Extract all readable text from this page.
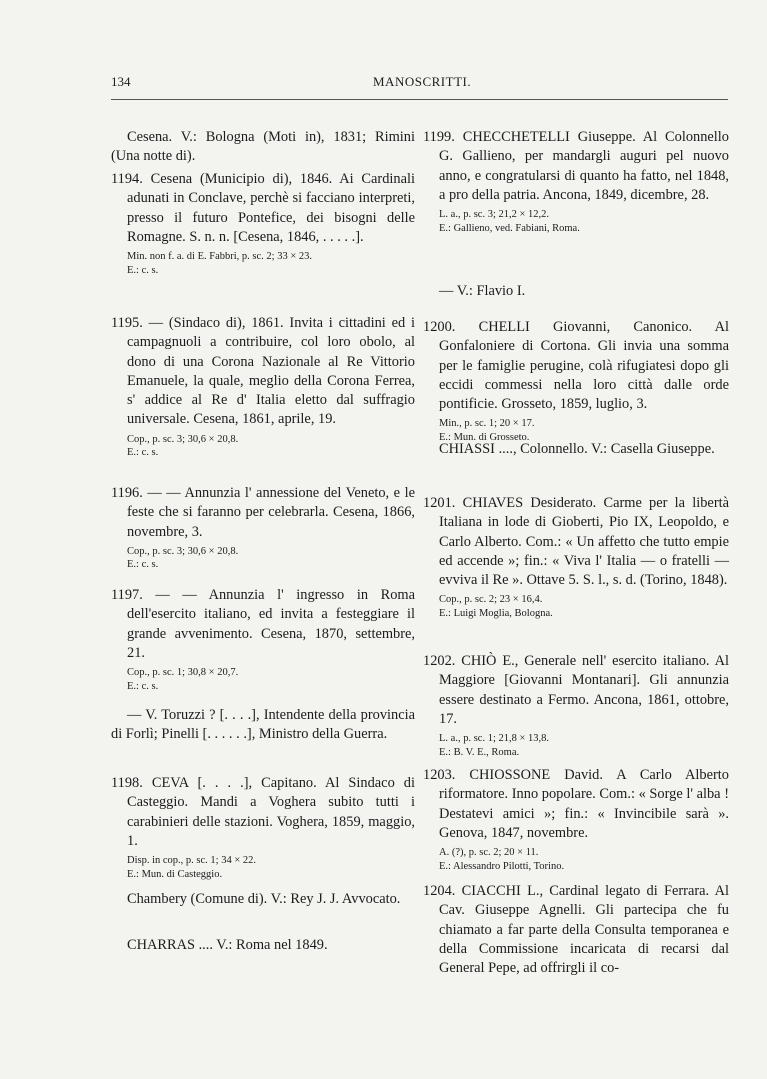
134	MANOSCRITTI.
Cesena. V.: Bologna (Moti in), 1831; Rimini (Una notte di).
1194. Cesena (Municipio di), 1846. Ai Cardinali adunati in Conclave, perchè si facciano interpreti, presso il futuro Pontefice, dei bisogni delle Romagne. S. n. n. [Cesena, 1846, . . . . .].
Min. non f. a. di E. Fabbri, p. sc. 2; 33 × 23.
E.: c. s.
1195. — (Sindaco di), 1861. Invita i cittadini ed i campagnuoli a contribuire, col loro obolo, al dono di una Corona Nazionale al Re Vittorio Emanuele, la quale, meglio della Corona Ferrea, s' addice al Re d' Italia eletto dal suffragio universale. Cesena, 1861, aprile, 19.
Cop., p. sc. 3; 30,6 × 20,8.
E.: c. s.
1196. — — Annunzia l' annessione del Veneto, e le feste che si faranno per celebrarla. Cesena, 1866, novembre, 3.
Cop., p. sc. 3; 30,6 × 20,8.
E.: c. s.
1197. — — Annunzia l' ingresso in Roma dell'esercito italiano, ed invita a festeggiare il grande avvenimento. Cesena, 1870, settembre, 21.
Cop., p. sc. 1; 30,8 × 20,7.
E.: c. s.
— V. Toruzzi ? [. . . .], Intendente della provincia di Forlì; Pinelli [. . . . . .], Ministro della Guerra.
1198. CEVA [. . . .], Capitano. Al Sindaco di Casteggio. Mandi a Voghera subito tutti i carabinieri delle stazioni. Voghera, 1859, maggio, 1.
Disp. in cop., p. sc. 1; 34 × 22.
E.: Mun. di Casteggio.
Chambery (Comune di). V.: Rey J. J. Avvocato.
CHARRAS .... V.: Roma nel 1849.
1199. CHECCHETELLI Giuseppe. Al Colonnello G. Gallieno, per mandargli auguri pel nuovo anno, e congratularsi di quanto ha fatto, nel 1848, a pro della patria. Ancona, 1849, dicembre, 28.
L. a., p. sc. 3; 21,2 × 12,2.
E.: Gallieno, ved. Fabiani, Roma.
— V.: Flavio I.
1200. CHELLI Giovanni, Canonico. Al Gonfaloniere di Cortona. Gli invia una somma per le famiglie perugine, colà rifugiatesi dopo gli eccidi commessi nella loro città dalle orde pontificie. Grosseto, 1859, luglio, 3.
Min., p. sc. 1; 20 × 17.
E.: Mun. di Grosseto.
CHIASSI ...., Colonnello. V.: Casella Giuseppe.
1201. CHIAVES Desiderato. Carme per la libertà Italiana in lode di Gioberti, Pio IX, Leopoldo, e Carlo Alberto. Com.: « Un affetto che tutto empie ed accende »; fin.: « Viva l' Italia — o fratelli — evviva il Re ». Ottave 5. S. l., s. d. (Torino, 1848).
Cop., p. sc. 2; 23 × 16,4.
E.: Luigi Moglia, Bologna.
1202. CHIÒ E., Generale nell' esercito italiano. Al Maggiore [Giovanni Montanari]. Gli annunzia essere destinato a Fermo. Ancona, 1861, ottobre, 17.
L. a., p. sc. 1; 21,8 × 13,8.
E.: B. V. E., Roma.
1203. CHIOSSONE David. A Carlo Alberto riformatore. Inno popolare. Com.: « Sorge l' alba ! Destatevi amici »; fin.: « Invincibile sarà ». Genova, 1847, novembre.
A. (?), p. sc. 2; 20 × 11.
E.: Alessandro Pilotti, Torino.
1204. CIACCHI L., Cardinal legato di Ferrara. Al Cav. Giuseppe Agnelli. Gli partecipa che fu chiamato a far parte della Consulta temporanea e della Commissione incaricata di recarsi dal General Pepe, ad offrirgli il co-
